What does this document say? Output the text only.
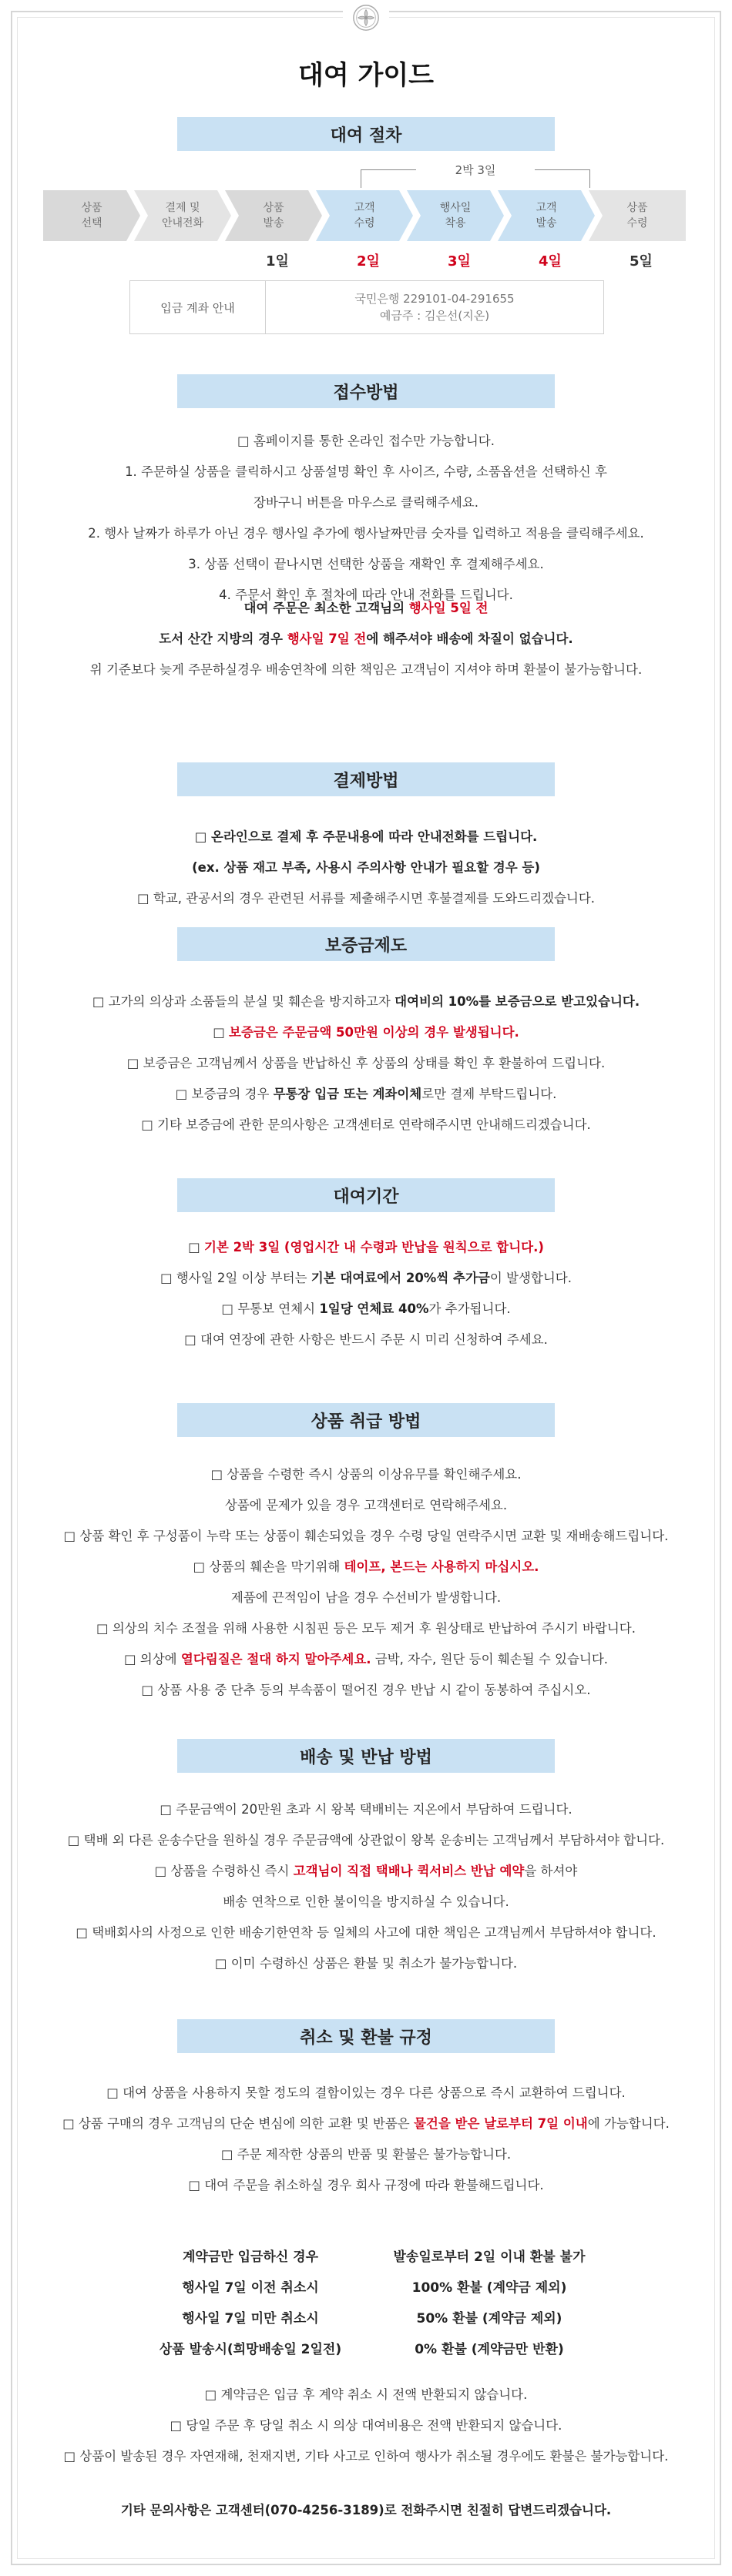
대여 가이드
대여 절차
2박 3일
상품
선택
결제 및
안내전화
상품
발송
고객
수령
행사일
착용
고객
발송
상품
수령
1일	2일	3일	4일	5일
입금 계좌 안내
국민은행 229101-04-291655
예금주 : 김은선(지온)
접수방법
□ 홈페이지를 통한 온라인 접수만 가능합니다.
1. 주문하실 상품을 클릭하시고 상품설명 확인 후 사이즈, 수량, 소품옵션을 선택하신 후
장바구니 버튼을 마우스로 클릭해주세요.
2. 행사 날짜가 하루가 아닌 경우 행사일 추가에 행사날짜만큼 숫자를 입력하고 적용을 클릭해주세요.
3. 상품 선택이 끝나시면 선택한 상품을 재확인 후 결제해주세요.
4. 주문서 확인 후 절차에 따라 안내 전화를 드립니다.
대여 주문은 최소한 고객님의 행사일 5일 전
도서 산간 지방의 경우 행사일 7일 전에 해주셔야 배송에 차질이 없습니다.
위 기준보다 늦게 주문하실경우 배송연착에 의한 책임은 고객님이 지셔야 하며 환불이 불가능합니다.
결제방법
□ 온라인으로 결제 후 주문내용에 따라 안내전화를 드립니다.
(ex. 상품 재고 부족, 사용시 주의사항 안내가 필요할 경우 등)
□ 학교, 관공서의 경우 관련된 서류를 제출해주시면 후불결제를 도와드리겠습니다.
보증금제도
□ 고가의 의상과 소품들의 분실 및 훼손을 방지하고자 대여비의 10%를 보증금으로 받고있습니다.
□ 보증금은 주문금액 50만원 이상의 경우 발생됩니다.
□ 보증금은 고객님께서 상품을 반납하신 후 상품의 상태를 확인 후 환불하여 드립니다.
□ 보증금의 경우 무통장 입금 또는 계좌이체로만 결제 부탁드립니다.
□ 기타 보증금에 관한 문의사항은 고객센터로 연락해주시면 안내해드리겠습니다.
대여기간
□ 기본 2박 3일 (영업시간 내 수령과 반납을 원칙으로 합니다.)
□ 행사일 2일 이상 부터는 기본 대여료에서 20%씩 추가금이 발생합니다.
□ 무통보 연체시 1일당 연체료 40%가 추가됩니다.
□ 대여 연장에 관한 사항은 반드시 주문 시 미리 신청하여 주세요.
상품 취급 방법
□ 상품을 수령한 즉시 상품의 이상유무를 확인해주세요.
상품에 문제가 있을 경우 고객센터로 연락해주세요.
□ 상품 확인 후 구성품이 누락 또는 상품이 훼손되었을 경우 수령 당일 연락주시면 교환 및 재배송해드립니다.
□ 상품의 훼손을 막기위해 테이프, 본드는 사용하지 마십시오.
제품에 끈적임이 남을 경우 수선비가 발생합니다.
□ 의상의 치수 조절을 위해 사용한 시침핀 등은 모두 제거 후 원상태로 반납하여 주시기 바랍니다.
□ 의상에 열다림질은 절대 하지 말아주세요. 금박, 자수, 원단 등이 훼손될 수 있습니다.
□ 상품 사용 중 단추 등의 부속품이 떨어진 경우 반납 시 같이 동봉하여 주십시오.
배송 및 반납 방법
□ 주문금액이 20만원 초과 시 왕복 택배비는 지온에서 부담하여 드립니다.
□ 택배 외 다른 운송수단을 원하실 경우 주문금액에 상관없이 왕복 운송비는 고객님께서 부담하셔야 합니다.
□ 상품을 수령하신 즉시 고객님이 직접 택배나 퀵서비스 반납 예약을 하셔야
배송 연착으로 인한 불이익을 방지하실 수 있습니다.
□ 택배회사의 사정으로 인한 배송기한연착 등 일체의 사고에 대한 책임은 고객님께서 부담하셔야 합니다.
□ 이미 수령하신 상품은 환불 및 취소가 불가능합니다.
취소 및 환불 규정
□ 대여 상품을 사용하지 못할 정도의 결함이있는 경우 다른 상품으로 즉시 교환하여 드립니다.
□ 상품 구매의 경우 고객님의 단순 변심에 의한 교환 및 반품은 물건을 받은 날로부터 7일 이내에 가능합니다.
□ 주문 제작한 상품의 반품 및 환불은 불가능합니다.
□ 대여 주문을 취소하실 경우 회사 규정에 따라 환불해드립니다.
계약금만 입금하신 경우	발송일로부터 2일 이내 환불 불가
행사일 7일 이전 취소시	100% 환불 (계약금 제외)
행사일 7일 미만 취소시	50% 환불 (계약금 제외)
상품 발송시(희망배송일 2일전)	0% 환불 (계약금만 반환)
□ 계약금은 입금 후 계약 취소 시 전액 반환되지 않습니다.
□ 당일 주문 후 당일 취소 시 의상 대여비용은 전액 반환되지 않습니다.
□ 상품이 발송된 경우 자연재해, 천재지변, 기타 사고로 인하여 행사가 취소될 경우에도 환불은 불가능합니다.
기타 문의사항은 고객센터(070-4256-3189)로 전화주시면 친절히 답변드리겠습니다.
